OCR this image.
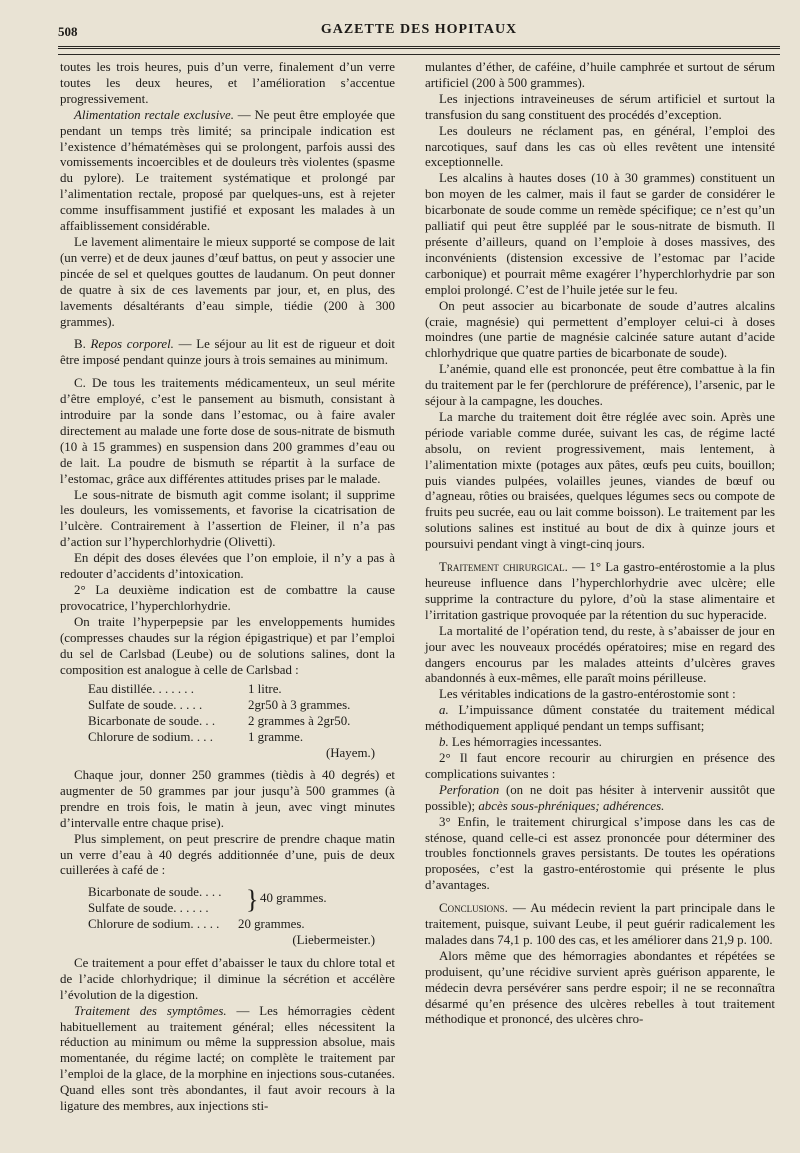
508	GAZETTE DES HOPITAUX

toutes les trois heures, puis d’un verre, finalement d’un verre toutes les deux heures, et l’amélioration s’accentue progressivement.

Alimentation rectale exclusive. — Ne peut être employée que pendant un temps très limité; sa principale indication est l’existence d’hématémèses qui se prolongent, parfois aussi des vomissements incoercibles et de douleurs très violentes (spasme du pylore). Le traitement systématique et prolongé par l’alimentation rectale, proposé par quelques-uns, est à rejeter comme insuffisamment justifié et exposant les malades à un affaiblissement considérable.

Le lavement alimentaire le mieux supporté se compose de lait (un verre) et de deux jaunes d’œuf battus, on peut y associer une pincée de sel et quelques gouttes de laudanum. On peut donner de quatre à six de ces lavements par jour, et, en plus, des lavements désaltérants d’eau simple, tiédie (200 à 300 grammes).

B. Repos corporel. — Le séjour au lit est de rigueur et doit être imposé pendant quinze jours à trois semaines au minimum.

C. De tous les traitements médicamenteux, un seul mérite d’être employé, c’est le pansement au bismuth, consistant à introduire par la sonde dans l’estomac, ou à faire avaler directement au malade une forte dose de sous-nitrate de bismuth (10 à 15 grammes) en suspension dans 200 grammes d’eau ou de lait. La poudre de bismuth se répartit à la surface de l’estomac, grâce aux différentes attitudes prises par le malade.

Le sous-nitrate de bismuth agit comme isolant; il supprime les douleurs, les vomissements, et favorise la cicatrisation de l’ulcère. Contrairement à l’assertion de Fleiner, il n’a pas d’action sur l’hyperchlorhydrie (Olivetti).

En dépit des doses élevées que l’on emploie, il n’y a pas à redouter d’accidents d’intoxication.

2° La deuxième indication est de combattre la cause provocatrice, l’hyperchlorhydrie.

On traite l’hyperpepsie par les enveloppements humides (compresses chaudes sur la région épigastrique) et par l’emploi du sel de Carlsbad (Leube) ou de solutions salines, dont la composition est analogue à celle de Carlsbad :

Eau distillée. . . . . . .	1 litre.
Sulfate de soude. . . . .	2gr50 à 3 grammes.
Bicarbonate de soude. . .	2 grammes à 2gr50.
Chlorure de sodium. . . .	1 gramme.
(Hayem.)

Chaque jour, donner 250 grammes (tièdis à 40 degrés) et augmenter de 50 grammes par jour jusqu’à 500 grammes (à prendre en trois fois, le matin à jeun, avec vingt minutes d’intervalle entre chaque prise).

Plus simplement, on peut prescrire de prendre chaque matin un verre d’eau à 40 degrés additionnée d’une, puis de deux cuillerées à café de :

Bicarbonate de soude. . . .
Sulfate de soude. . . . . .	} 40 grammes.
Chlorure de sodium. . . . .	20 grammes.
(Liebermeister.)

Ce traitement a pour effet d’abaisser le taux du chlore total et de l’acide chlorhydrique; il diminue la sécrétion et accélère l’évolution de la digestion.

Traitement des symptômes. — Les hémorragies cèdent habituellement au traitement général; elles nécessitent la réduction au minimum ou même la suppression absolue, mais momentanée, du régime lacté; on complète le traitement par l’emploi de la glace, de la morphine en injections sous-cutanées. Quand elles sont très abondantes, il faut avoir recours à la ligature des membres, aux injections sti-

mulantes d’éther, de caféine, d’huile camphrée et surtout de sérum artificiel (200 à 500 grammes).

Les injections intraveineuses de sérum artificiel et surtout la transfusion du sang constituent des procédés d’exception.

Les douleurs ne réclament pas, en général, l’emploi des narcotiques, sauf dans les cas où elles revêtent une intensité exceptionnelle.

Les alcalins à hautes doses (10 à 30 grammes) constituent un bon moyen de les calmer, mais il faut se garder de considérer le bicarbonate de soude comme un remède spécifique; ce n’est qu’un palliatif qui peut être suppléé par le sous-nitrate de bismuth. Il présente d’ailleurs, quand on l’emploie à doses massives, des inconvénients (distension excessive de l’estomac par l’acide carbonique) et pourrait même exagérer l’hyperchlorhydrie par son emploi prolongé. C’est de l’huile jetée sur le feu.

On peut associer au bicarbonate de soude d’autres alcalins (craie, magnésie) qui permettent d’employer celui-ci à doses moindres (une partie de magnésie calcinée sature autant d’acide chlorhydrique que quatre parties de bicarbonate de soude).

L’anémie, quand elle est prononcée, peut être combattue à la fin du traitement par le fer (perchlorure de préférence), l’arsenic, par le séjour à la campagne, les douches.

La marche du traitement doit être réglée avec soin. Après une période variable comme durée, suivant les cas, de régime lacté absolu, on revient progressivement, mais lentement, à l’alimentation mixte (potages aux pâtes, œufs peu cuits, bouillon; puis viandes pulpées, volailles jeunes, viandes de bœuf ou d’agneau, rôties ou braisées, quelques légumes secs ou compote de fruits peu sucrée, eau ou lait comme boisson). Le traitement par les solutions salines est institué au bout de dix à quinze jours et poursuivi pendant vingt à vingt-cinq jours.

Traitement chirurgical. — 1° La gastro-entérostomie a la plus heureuse influence dans l’hyperchlorhydrie avec ulcère; elle supprime la contracture du pylore, d’où la stase alimentaire et l’irritation gastrique provoquée par la rétention du suc hyperacide.

La mortalité de l’opération tend, du reste, à s’abaisser de jour en jour avec les nouveaux procédés opératoires; mise en regard des dangers encourus par les malades atteints d’ulcères graves abandonnés à eux-mêmes, elle paraît moins périlleuse.

Les véritables indications de la gastro-entérostomie sont :

a. L’impuissance dûment constatée du traitement médical méthodiquement appliqué pendant un temps suffisant;

b. Les hémorragies incessantes.

2° Il faut encore recourir au chirurgien en présence des complications suivantes :

Perforation (on ne doit pas hésiter à intervenir aussitôt que possible); abcès sous-phréniques; adhérences.

3° Enfin, le traitement chirurgical s’impose dans les cas de sténose, quand celle-ci est assez prononcée pour déterminer des troubles fonctionnels graves persistants. De toutes les opérations proposées, c’est la gastro-entérostomie qui présente le plus d’avantages.

Conclusions. — Au médecin revient la part principale dans le traitement, puisque, suivant Leube, il peut guérir radicalement les malades dans 74,1 p. 100 des cas, et les améliorer dans 21,9 p. 100.

Alors même que des hémorragies abondantes et répétées se produisent, qu’une récidive survient après guérison apparente, le médecin devra persévérer sans perdre espoir; il ne se reconnaîtra désarmé qu’en présence des ulcères rebelles à tout traitement méthodique et prononcé, des ulcères chro-
